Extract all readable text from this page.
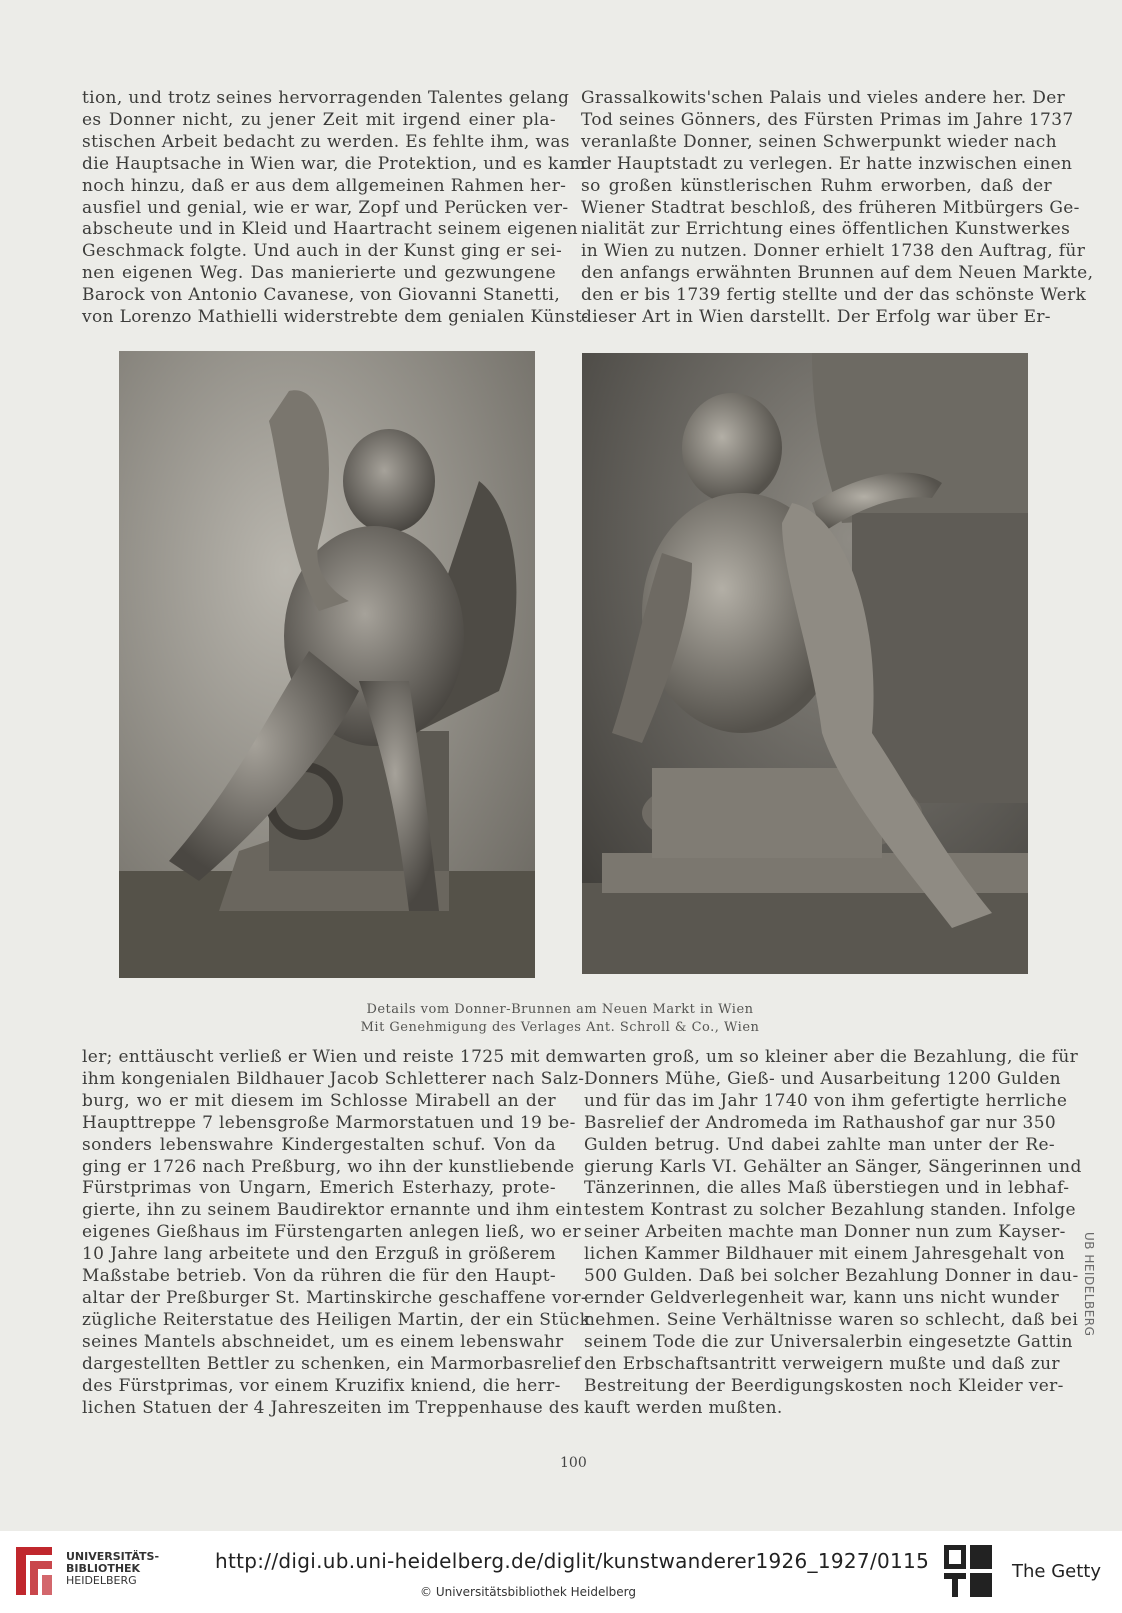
tion, und trotz seines hervorragenden Talentes gelang
es Donner nicht, zu jener Zeit mit irgend einer pla-
stischen Arbeit bedacht zu werden. Es fehlte ihm, was
die Hauptsache in Wien war, die Protektion, und es kam
noch hinzu, daß er aus dem allgemeinen Rahmen her-
ausfiel und genial, wie er war, Zopf und Perücken ver-
abscheute und in Kleid und Haartracht seinem eigenen
Geschmack folgte. Und auch in der Kunst ging er sei-
nen eigenen Weg. Das manierierte und gezwungene
Barock von Antonio Cavanese, von Giovanni Stanetti,
von Lorenzo Mathielli widerstrebte dem genialen Künst-
Grassalkowits'schen Palais und vieles andere her. Der
Tod seines Gönners, des Fürsten Primas im Jahre 1737
veranlaßte Donner, seinen Schwerpunkt wieder nach
der Hauptstadt zu verlegen. Er hatte inzwischen einen
so großen künstlerischen Ruhm erworben, daß der
Wiener Stadtrat beschloß, des früheren Mitbürgers Ge-
nialität zur Errichtung eines öffentlichen Kunstwerkes
in Wien zu nutzen. Donner erhielt 1738 den Auftrag, für
den anfangs erwähnten Brunnen auf dem Neuen Markte,
den er bis 1739 fertig stellte und der das schönste Werk
dieser Art in Wien darstellt. Der Erfolg war über Er-
Details vom Donner-Brunnen am Neuen Markt in Wien
Mit Genehmigung des Verlages Ant. Schroll & Co., Wien
ler; enttäuscht verließ er Wien und reiste 1725 mit dem
ihm kongenialen Bildhauer Jacob Schletterer nach Salz-
burg, wo er mit diesem im Schlosse Mirabell an der
Haupttreppe 7 lebensgroße Marmorstatuen und 19 be-
sonders lebenswahre Kindergestalten schuf. Von da
ging er 1726 nach Preßburg, wo ihn der kunstliebende
Fürstprimas von Ungarn, Emerich Esterhazy, prote-
gierte, ihn zu seinem Baudirektor ernannte und ihm ein
eigenes Gießhaus im Fürstengarten anlegen ließ, wo er
10 Jahre lang arbeitete und den Erzguß in größerem
Maßstabe betrieb. Von da rühren die für den Haupt-
altar der Preßburger St. Martinskirche geschaffene vor-
zügliche Reiterstatue des Heiligen Martin, der ein Stück
seines Mantels abschneidet, um es einem lebenswahr
dargestellten Bettler zu schenken, ein Marmorbasrelief
des Fürstprimas, vor einem Kruzifix kniend, die herr-
lichen Statuen der 4 Jahreszeiten im Treppenhause des
warten groß, um so kleiner aber die Bezahlung, die für
Donners Mühe, Gieß- und Ausarbeitung 1200 Gulden
und für das im Jahr 1740 von ihm gefertigte herrliche
Basrelief der Andromeda im Rathaushof gar nur 350
Gulden betrug. Und dabei zahlte man unter der Re-
gierung Karls VI. Gehälter an Sänger, Sängerinnen und
Tänzerinnen, die alles Maß überstiegen und in lebhaf-
testem Kontrast zu solcher Bezahlung standen. Infolge
seiner Arbeiten machte man Donner nun zum Kayser-
lichen Kammer Bildhauer mit einem Jahresgehalt von
500 Gulden. Daß bei solcher Bezahlung Donner in dau-
ernder Geldverlegenheit war, kann uns nicht wunder
nehmen. Seine Verhältnisse waren so schlecht, daß bei
seinem Tode die zur Universalerbin eingesetzte Gattin
den Erbschaftsantritt verweigern mußte und daß zur
Bestreitung der Beerdigungskosten noch Kleider ver-
kauft werden mußten.
100
UB HEIDELBERG
UNIVERSITÄTS-
BIBLIOTHEK
HEIDELBERG
http://digi.ub.uni-heidelberg.de/diglit/kunstwanderer1926_1927/0115
© Universitätsbibliothek Heidelberg
The Getty
